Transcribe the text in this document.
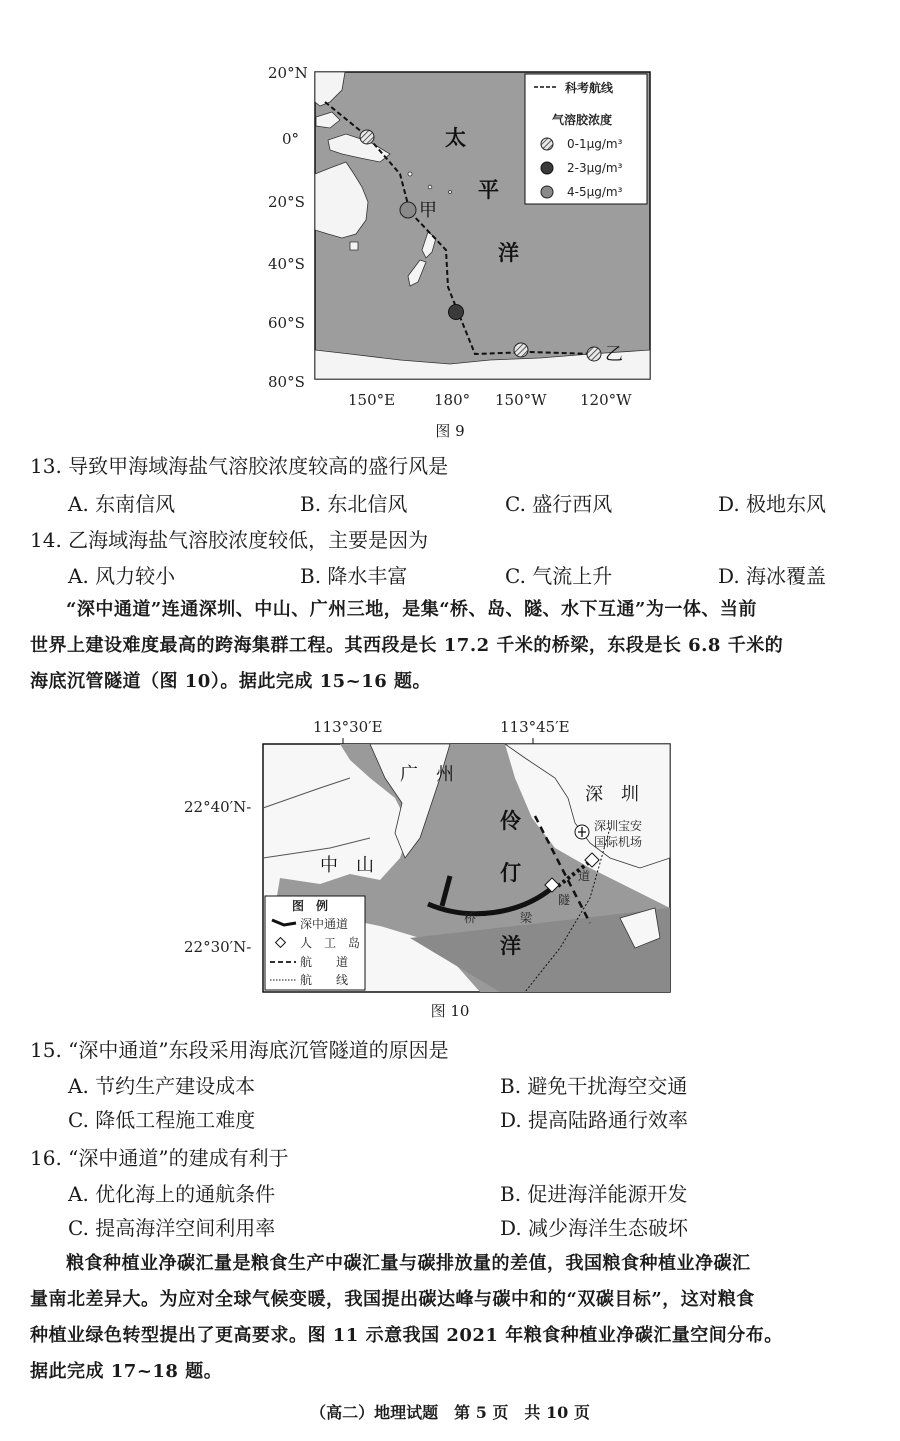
甲
乙
太
平
洋
科考航线
气溶胶浓度
0-1μg/m³
2-3μg/m³
4-5μg/m³
20°N
0°
20°S
40°S
60°S
80°S
150°E	180° 150°W 120°W
图 9
13. 导致甲海域海盐气溶胶浓度较高的盛行风是
A. 东南信风	B. 东北信风	C. 盛行西风	D. 极地东风
14. 乙海域海盐气溶胶浓度较低，主要是因为
A. 风力较小	B. 降水丰富	C. 气流上升	D. 海冰覆盖
“深中通道”连通深圳、中山、广州三地，是集“桥、岛、隧、水下互通”为一体、当前
世界上建设难度最高的跨海集群工程。其西段是长 17.2 千米的桥梁，东段是长 6.8 千米的
海底沉管隧道（图 10）。据此完成 15~16 题。
广　州
深　圳
中　山
伶
仃
洋
深圳宝安
国际机场
桥	梁
隧
道
图　例
深中通道
人　工　岛
航　　道
航　　线
113°30′E	113°45′E
22°40′N-
22°30′N-
图 10
15. “深中通道”东段采用海底沉管隧道的原因是
A. 节约生产建设成本	B. 避免干扰海空交通
C. 降低工程施工难度	D. 提高陆路通行效率
16. “深中通道”的建成有利于
A. 优化海上的通航条件	B. 促进海洋能源开发
C. 提高海洋空间利用率	D. 减少海洋生态破坏
粮食种植业净碳汇量是粮食生产中碳汇量与碳排放量的差值，我国粮食种植业净碳汇
量南北差异大。为应对全球气候变暖，我国提出碳达峰与碳中和的“双碳目标”，这对粮食
种植业绿色转型提出了更高要求。图 11 示意我国 2021 年粮食种植业净碳汇量空间分布。
据此完成 17~18 题。
（高二）地理试题　第 5 页　共 10 页
